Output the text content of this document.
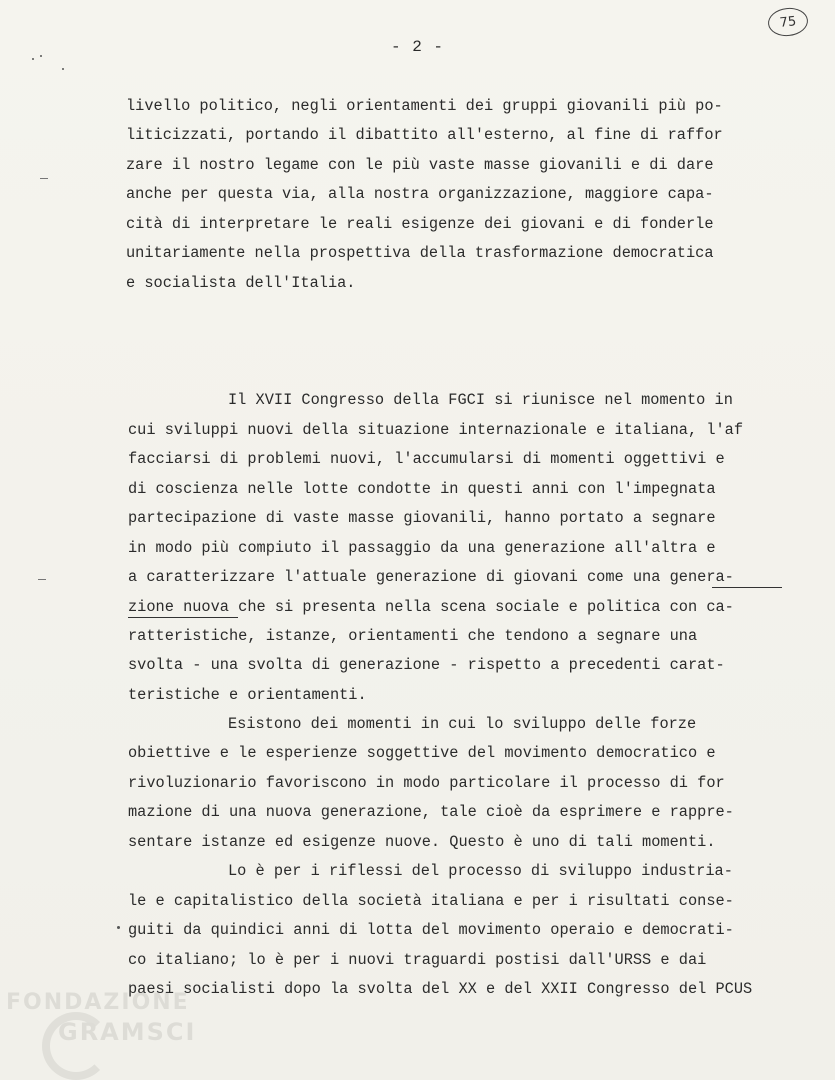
75
- 2 -
livello politico, negli orientamenti dei gruppi giovanili più po-
liticizzati, portando il dibattito all'esterno, al fine di raffor
zare il nostro legame con le più vaste masse giovanili e di dare
anche per questa via, alla nostra organizzazione, maggiore capa-
cità di interpretare le reali esigenze dei giovani e di fonderle
unitariamente nella prospettiva della trasformazione democratica
e socialista dell'Italia.
Il XVII Congresso della FGCI si riunisce nel momento in
cui sviluppi nuovi della situazione internazionale e italiana, l'af
facciarsi di problemi nuovi, l'accumularsi di momenti oggettivi e
di coscienza nelle lotte condotte in questi anni con l'impegnata
partecipazione di vaste masse giovanili, hanno portato a segnare
in modo più compiuto il passaggio da una generazione all'altra e
a caratterizzare l'attuale generazione di giovani come una genera-
zione nuova che si presenta nella scena sociale e politica con ca-
ratteristiche, istanze, orientamenti che tendono a segnare una
svolta - una svolta di generazione - rispetto a precedenti carat-
teristiche e orientamenti.
Esistono dei momenti in cui lo sviluppo delle forze
obiettive e le esperienze soggettive del movimento democratico e
rivoluzionario favoriscono in modo particolare il processo di for
mazione di una nuova generazione, tale cioè da esprimere e rappre-
sentare istanze ed esigenze nuove. Questo è uno di tali momenti.
Lo è per i riflessi del processo di sviluppo industria-
le e capitalistico della società italiana e per i risultati conse-
guiti da quindici anni di lotta del movimento operaio e democrati-
co italiano; lo è per i nuovi traguardi postisi dall'URSS e dai
paesi socialisti dopo la svolta del XX e del XXII Congresso del PCUS
FONDAZIONE
GRAMSCI
